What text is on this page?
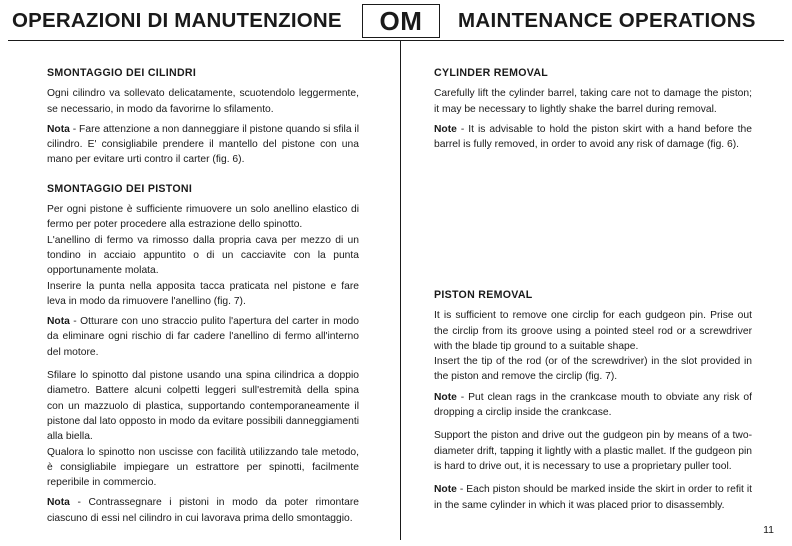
OPERAZIONI DI MANUTENZIONE	OM MAINTENANCE OPERATIONS
SMONTAGGIO DEI CILINDRI

Ogni cilindro va sollevato delicatamente, scuotendolo leggermente, se necessario, in modo da favorirne lo sfilamento.

Nota - Fare attenzione a non danneggiare il pistone quando si sfila il cilindro. E' consigliabile prendere il mantello del pistone con una mano per evitare urti contro il carter (fig. 6).

SMONTAGGIO DEI PISTONI

Per ogni pistone è sufficiente rimuovere un solo anellino elastico di fermo per poter procedere alla estrazione dello spinotto.

L'anellino di fermo va rimosso dalla propria cava per mezzo di un tondino in acciaio appuntito o di un cacciavite con la punta opportunamente molata.

Inserire la punta nella apposita tacca praticata nel pistone e fare leva in modo da rimuovere l'anellino (fig. 7).

Nota - Otturare con uno straccio pulito l'apertura del carter in modo da eliminare ogni rischio di far cadere l'anellino di fermo all'interno del motore.

Sfilare lo spinotto dal pistone usando una spina cilindrica a doppio diametro. Battere alcuni colpetti leggeri sull'estremità della spina con un mazzuolo di plastica, supportando contemporaneamente il pistone dal lato opposto in modo da evitare possibili danneggiamenti alla biella.

Qualora lo spinotto non uscisse con facilità utilizzando tale metodo, è consigliabile impiegare un estrattore per spinotti, facilmente reperibile in commercio.

Nota - Contrassegnare i pistoni in modo da poter rimontare ciascuno di essi nel cilindro in cui lavorava prima dello smontaggio.

CYLINDER REMOVAL

Carefully lift the cylinder barrel, taking care not to damage the piston; it may be necessary to lightly shake the barrel during removal.

Note - It is advisable to hold the piston skirt with a hand before the barrel is fully removed, in order to avoid any risk of damage (fig. 6).

PISTON REMOVAL

It is sufficient to remove one circlip for each gudgeon pin. Prise out the circlip from its groove using a pointed steel rod or a screwdriver with the blade tip ground to a suitable shape.

Insert the tip of the rod (or of the screwdriver) in the slot provided in the piston and remove the circlip (fig. 7).

Note - Put clean rags in the crankcase mouth to obviate any risk of dropping a circlip inside the crankcase.

Support the piston and drive out the gudgeon pin by means of a two-diameter drift, tapping it lightly with a plastic mallet. If the gudgeon pin is hard to drive out, it is necessary to use a proprietary puller tool.

Note - Each piston should be marked inside the skirt in order to refit it in the same cylinder in which it was placed prior to disassembly.

11
